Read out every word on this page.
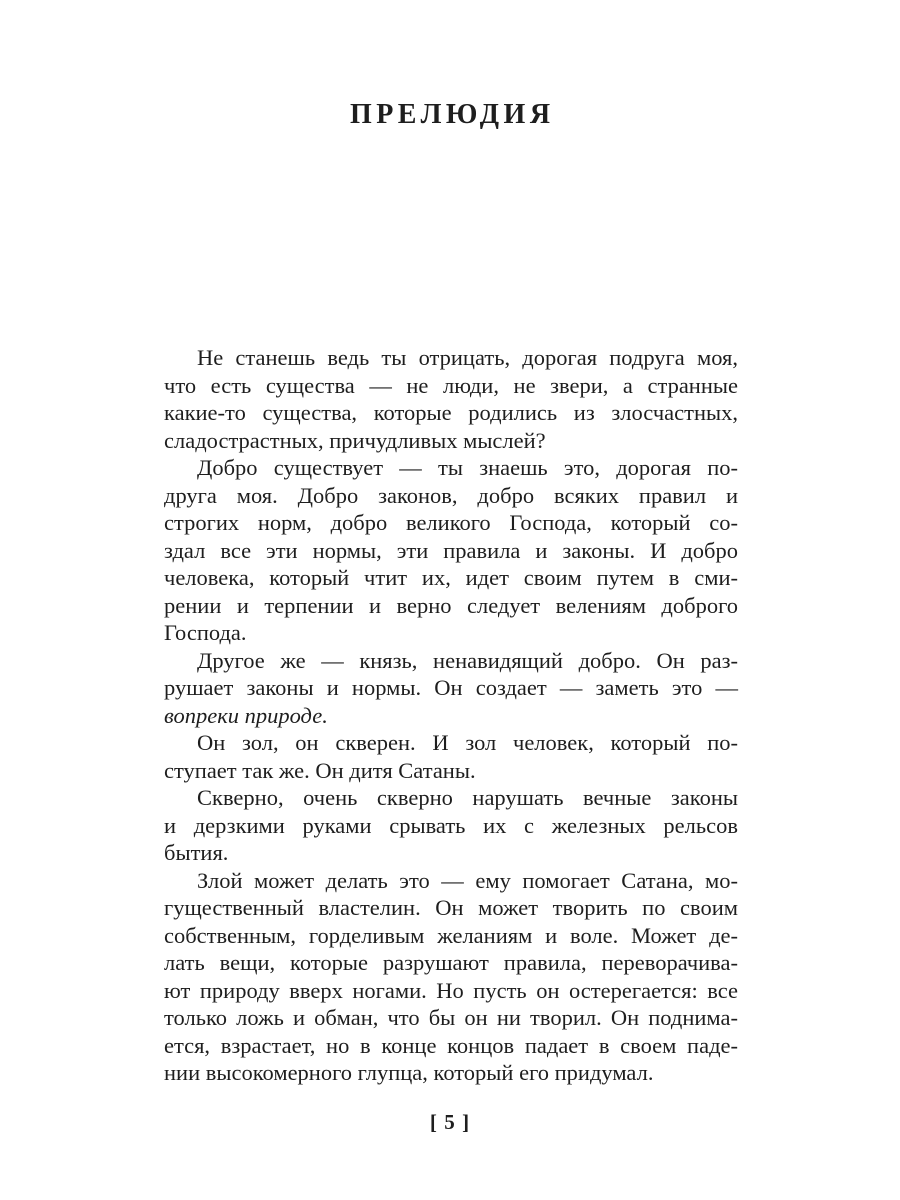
ПРЕЛЮДИЯ
Не станешь ведь ты отрицать, дорогая подруга моя,
что есть существа — не люди, не звери, а странные
какие-то существа, которые родились из злосчастных,
сладострастных, причудливых мыслей?
Добро существует — ты знаешь это, дорогая по-
друга моя. Добро законов, добро всяких правил и
строгих норм, добро великого Господа, который со-
здал все эти нормы, эти правила и законы. И добро
человека, который чтит их, идет своим путем в сми-
рении и терпении и верно следует велениям доброго
Господа.
Другое же — князь, ненавидящий добро. Он раз-
рушает законы и нормы. Он создает — заметь это —
вопреки природе.
Он зол, он скверен. И зол человек, который по-
ступает так же. Он дитя Сатаны.
Скверно, очень скверно нарушать вечные законы
и дерзкими руками срывать их с железных рельсов
бытия.
Злой может делать это — ему помогает Сатана, мо-
гущественный властелин. Он может творить по своим
собственным, горделивым желаниям и воле. Может де-
лать вещи, которые разрушают правила, переворачива-
ют природу вверх ногами. Но пусть он остерегается: все
только ложь и обман, что бы он ни творил. Он поднима-
ется, взрастает, но в конце концов падает в своем паде-
нии высокомерного глупца, который его придумал.
[ 5 ]
